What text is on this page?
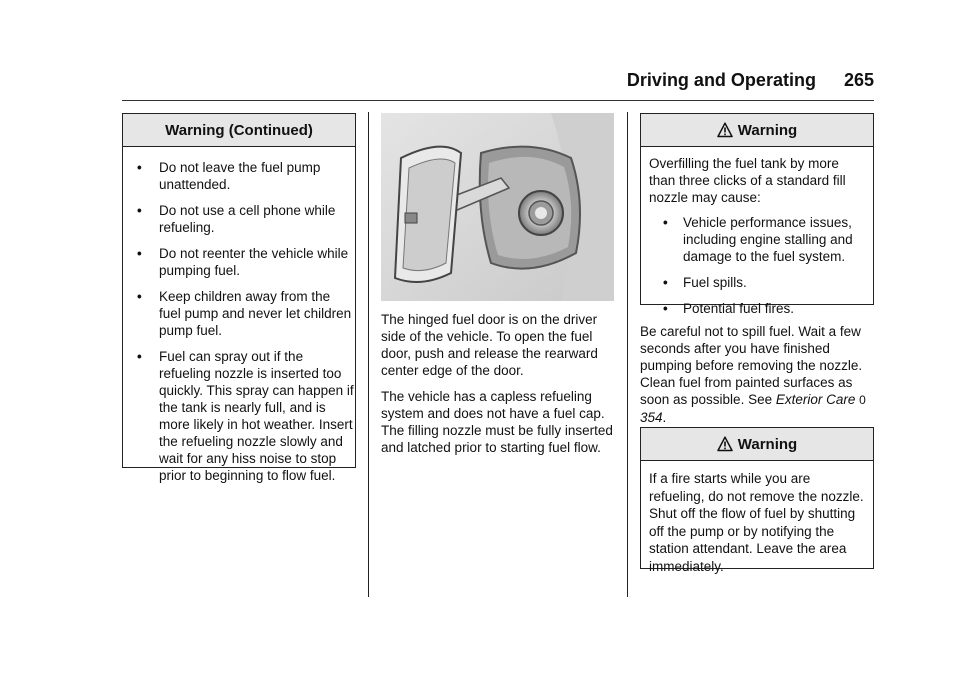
Driving and Operating 265
Warning (Continued)
• Do not leave the fuel pump unattended.
• Do not use a cell phone while refueling.
• Do not reenter the vehicle while pumping fuel.
• Keep children away from the fuel pump and never let children pump fuel.
• Fuel can spray out if the refueling nozzle is inserted too quickly. This spray can happen if the tank is nearly full, and is more likely in hot weather. Insert the refueling nozzle slowly and wait for any hiss noise to stop prior to beginning to flow fuel.

The hinged fuel door is on the driver side of the vehicle. To open the fuel door, push and release the rearward center edge of the door.

The vehicle has a capless refueling system and does not have a fuel cap. The filling nozzle must be fully inserted and latched prior to starting fuel flow.

Warning

Overfilling the fuel tank by more than three clicks of a standard fill nozzle may cause:

• Vehicle performance issues, including engine stalling and damage to the fuel system.
• Fuel spills.
• Potential fuel fires.

Be careful not to spill fuel. Wait a few seconds after you have finished pumping before removing the nozzle. Clean fuel from painted surfaces as soon as possible. See Exterior Care 0 354.

Warning

If a fire starts while you are refueling, do not remove the nozzle. Shut off the flow of fuel by shutting off the pump or by notifying the station attendant. Leave the area immediately.
